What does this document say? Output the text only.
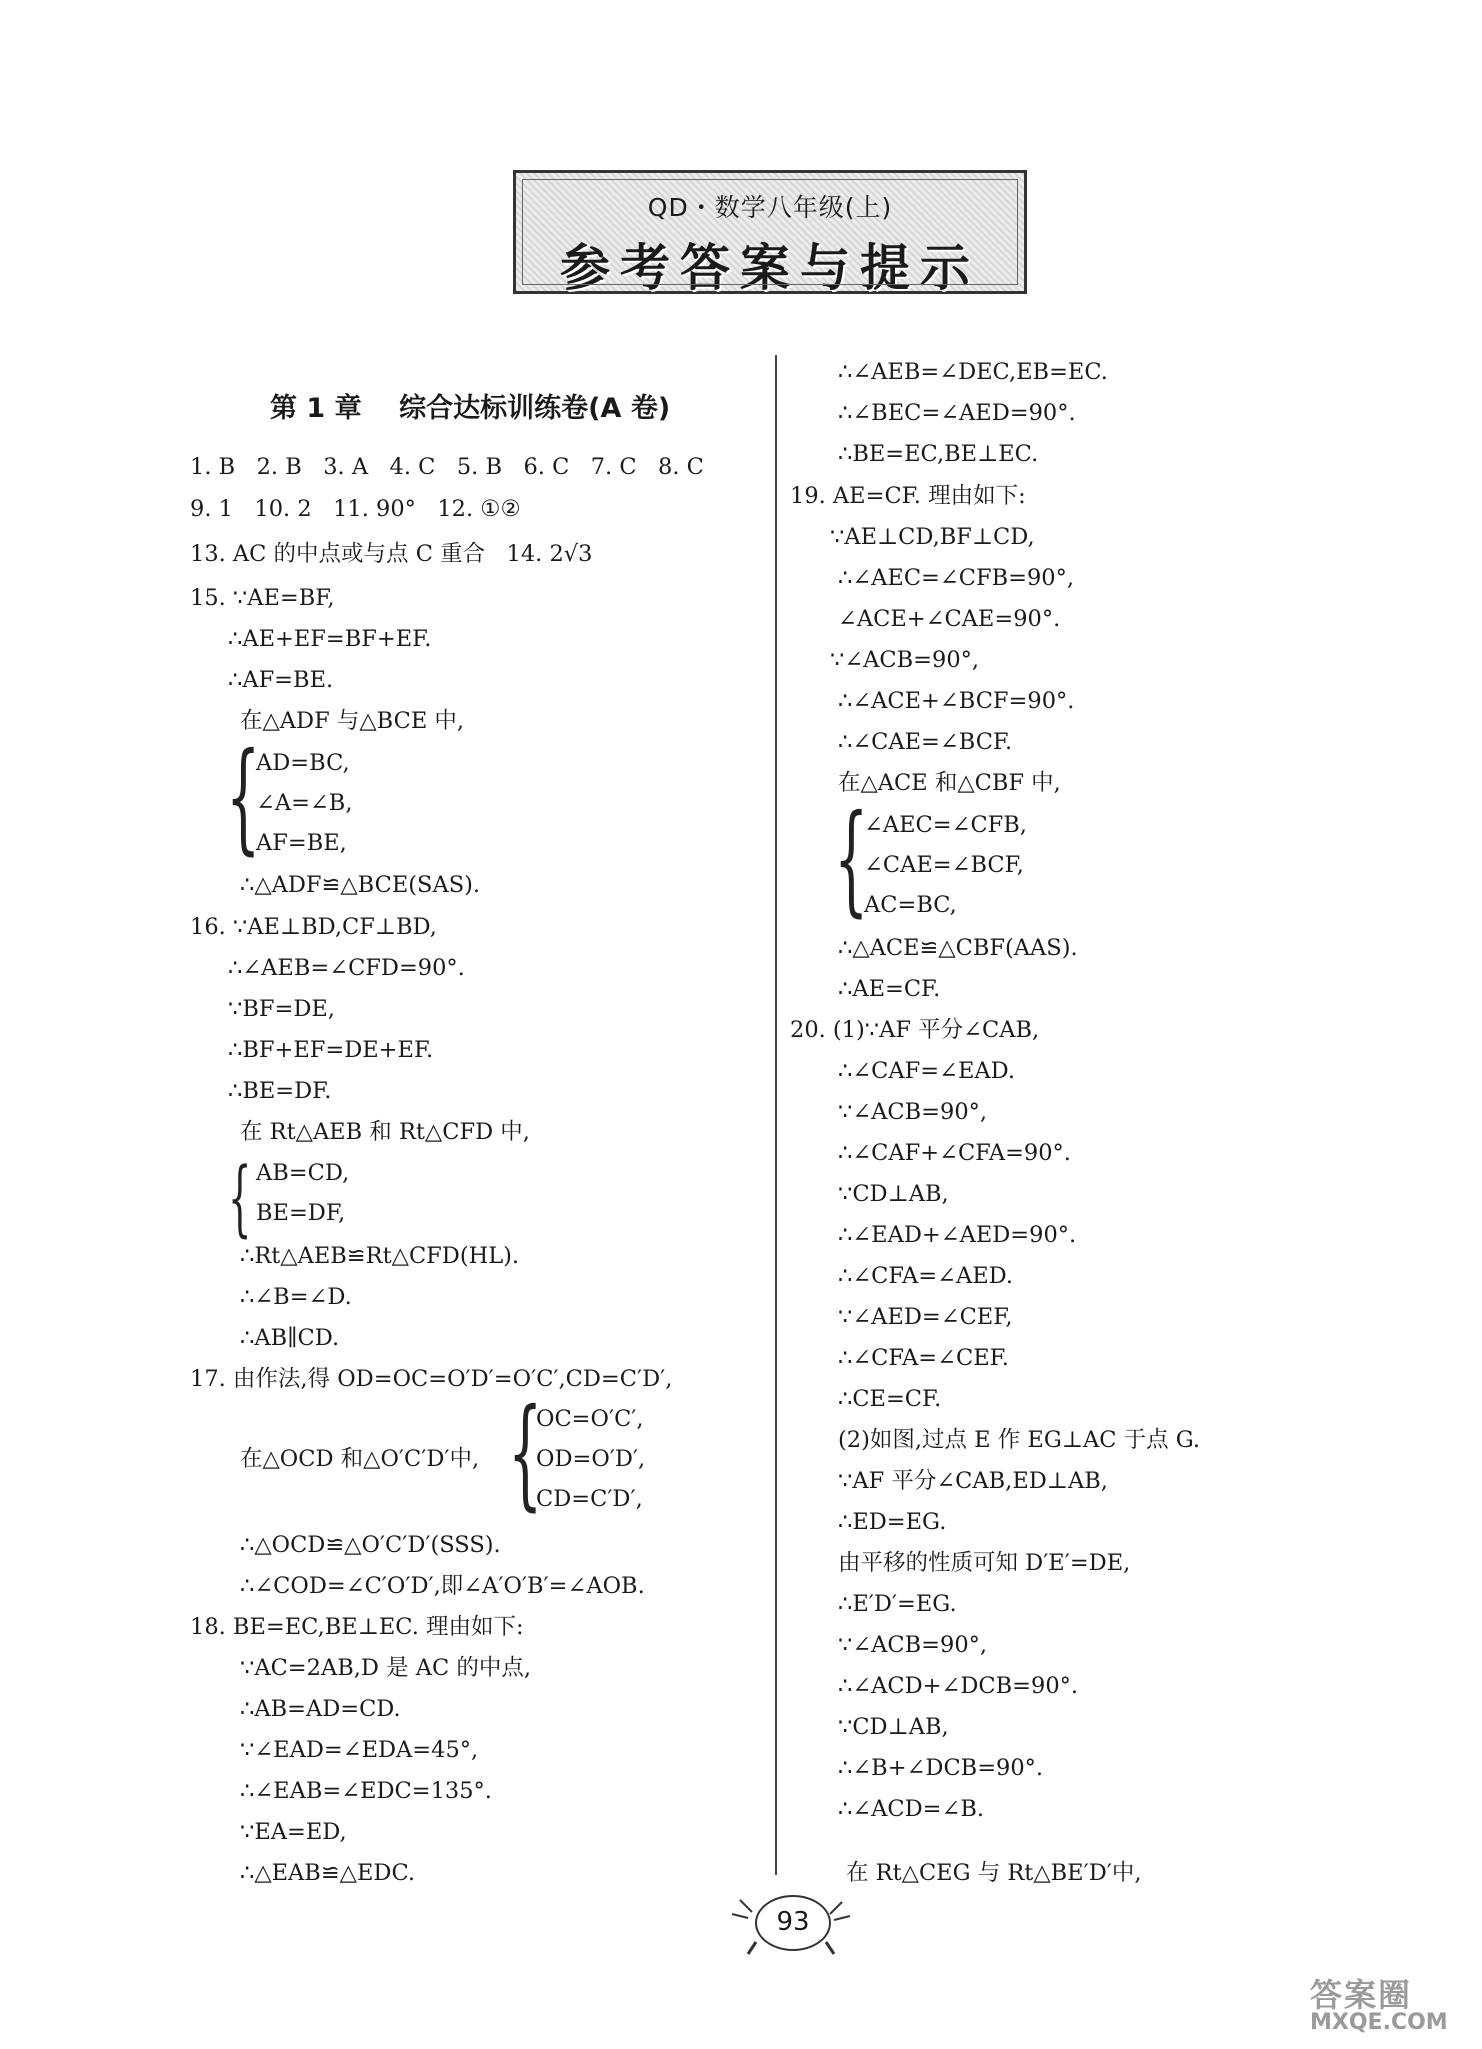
QD・数学八年级(上)
参考答案与提示
第 1 章    综合达标训练卷(A 卷)
1. B   2. B   3. A   4. C   5. B   6. C   7. C   8. C
9. 1   10. 2   11. 90°   12. ①②
13. AC 的中点或与点 C 重合   14. 2√3
15. ∵AE=BF,
∴AE+EF=BF+EF.
∴AF=BE.
在△ADF 与△BCE 中,
{
AD=BC,
∠A=∠B,
AF=BE,
∴△ADF≌△BCE(SAS).
16. ∵AE⊥BD,CF⊥BD,
∴∠AEB=∠CFD=90°.
∵BF=DE,
∴BF+EF=DE+EF.
∴BE=DF.
在 Rt△AEB 和 Rt△CFD 中,
{ AB=CD,
BE=DF,
∴Rt△AEB≌Rt△CFD(HL).
∴∠B=∠D.
∴AB∥CD.
17. 由作法,得 OD=OC=O′D′=O′C′,CD=C′D′,
{
OC=O′C′,
在△OCD 和△O′C′D′中,	OD=O′D′,
CD=C′D′,
∴△OCD≌△O′C′D′(SSS).
∴∠COD=∠C′O′D′,即∠A′O′B′=∠AOB.
18. BE=EC,BE⊥EC. 理由如下:
∵AC=2AB,D 是 AC 的中点,
∴AB=AD=CD.
∵∠EAD=∠EDA=45°,
∴∠EAB=∠EDC=135°.
∵EA=ED,
∴△EAB≌△EDC.
∴∠AEB=∠DEC,EB=EC.
∴∠BEC=∠AED=90°.
∴BE=EC,BE⊥EC.
19. AE=CF. 理由如下:
∵AE⊥CD,BF⊥CD,
∴∠AEC=∠CFB=90°,
∠ACE+∠CAE=90°.
∵∠ACB=90°,
∴∠ACE+∠BCF=90°.
∴∠CAE=∠BCF.
在△ACE 和△CBF 中,
{
∠AEC=∠CFB,
∠CAE=∠BCF,
AC=BC,
∴△ACE≌△CBF(AAS).
∴AE=CF.
20. (1)∵AF 平分∠CAB,
∴∠CAF=∠EAD.
∵∠ACB=90°,
∴∠CAF+∠CFA=90°.
∵CD⊥AB,
∴∠EAD+∠AED=90°.
∴∠CFA=∠AED.
∵∠AED=∠CEF,
∴∠CFA=∠CEF.
∴CE=CF.
(2)如图,过点 E 作 EG⊥AC 于点 G.
∵AF 平分∠CAB,ED⊥AB,
∴ED=EG.
由平移的性质可知 D′E′=DE,
∴E′D′=EG.
∵∠ACB=90°,
∴∠ACD+∠DCB=90°.
∵CD⊥AB,
∴∠B+∠DCB=90°.
∴∠ACD=∠B.
在 Rt△CEG 与 Rt△BE′D′中,
93
答案圈
MXQE.COM
